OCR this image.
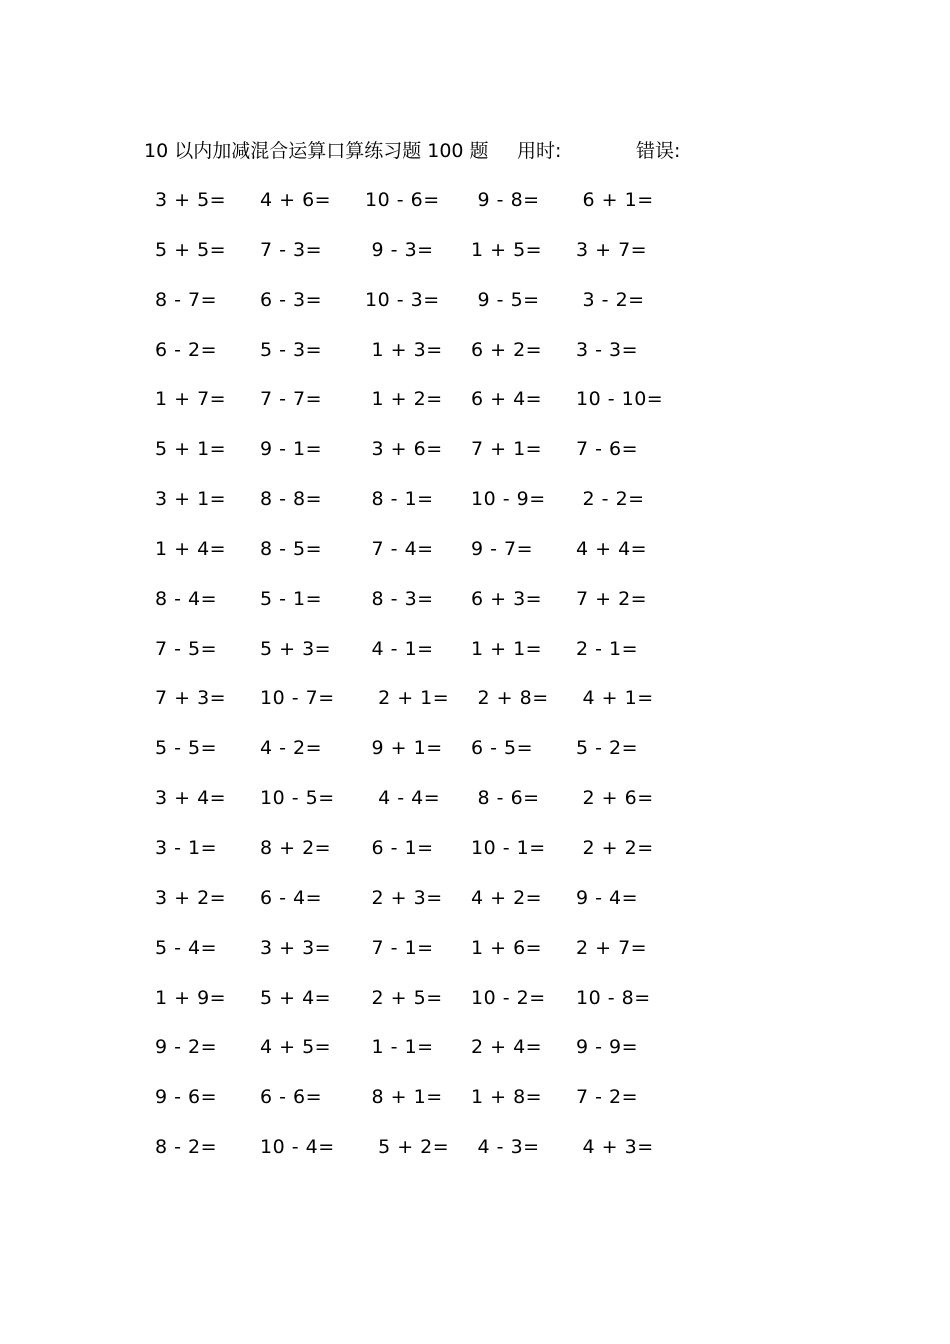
10 以内加减混合运算口算练习题 100 题 用时:	错误:
3 + 5= 4 + 6= 10 - 6= 9 - 8= 6 + 1=
5 + 5= 7 - 3= 9 - 3= 1 + 5= 3 + 7=
8 - 7= 6 - 3= 10 - 3= 9 - 5= 3 - 2=
6 - 2= 5 - 3= 1 + 3= 6 + 2= 3 - 3=
1 + 7= 7 - 7= 1 + 2= 6 + 4= 10 - 10=
5 + 1= 9 - 1= 3 + 6= 7 + 1= 7 - 6=
3 + 1= 8 - 8= 8 - 1= 10 - 9= 2 - 2=
1 + 4= 8 - 5= 7 - 4= 9 - 7= 4 + 4=
8 - 4= 5 - 1= 8 - 3= 6 + 3= 7 + 2=
7 - 5= 5 + 3= 4 - 1= 1 + 1= 2 - 1=
7 + 3= 10 - 7= 2 + 1= 2 + 8= 4 + 1=
5 - 5= 4 - 2= 9 + 1= 6 - 5= 5 - 2=
3 + 4= 10 - 5= 4 - 4= 8 - 6= 2 + 6=
3 - 1= 8 + 2= 6 - 1= 10 - 1= 2 + 2=
3 + 2= 6 - 4= 2 + 3= 4 + 2= 9 - 4=
5 - 4= 3 + 3= 7 - 1= 1 + 6= 2 + 7=
1 + 9= 5 + 4= 2 + 5= 10 - 2= 10 - 8=
9 - 2= 4 + 5= 1 - 1= 2 + 4= 9 - 9=
9 - 6= 6 - 6= 8 + 1= 1 + 8= 7 - 2=
8 - 2= 10 - 4= 5 + 2= 4 - 3= 4 + 3=
